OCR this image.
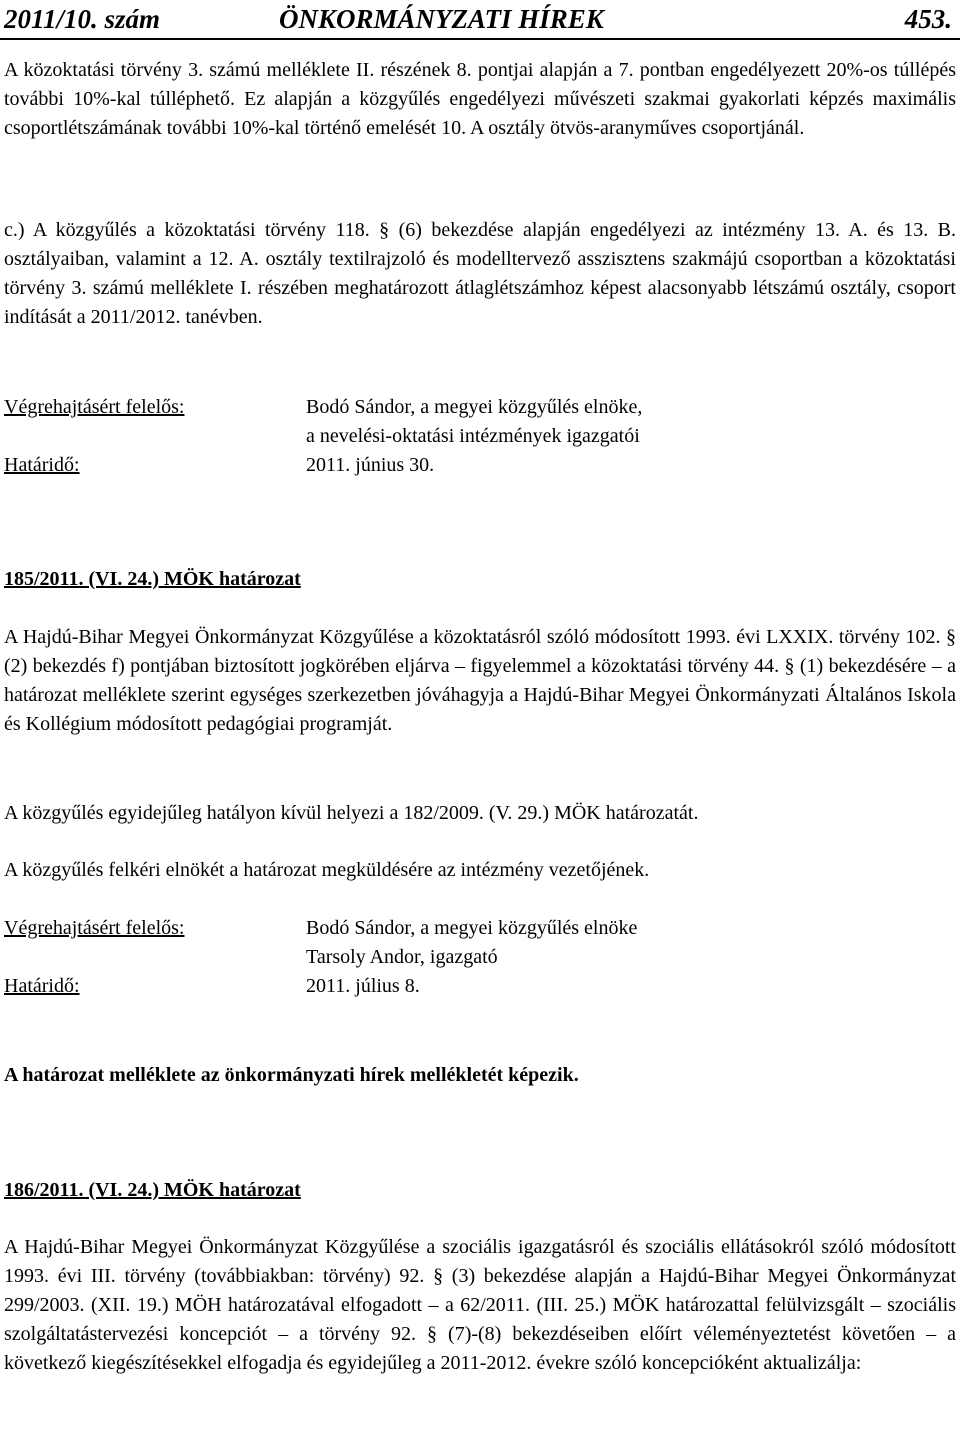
2011/10. szám	ÖNKORMÁNYZATI HÍREK	453.

A közoktatási törvény 3. számú melléklete II. részének 8. pontjai alapján a 7. pontban engedélyezett 20%-os túllépés további 10%-kal túlléphető. Ez alapján a közgyűlés engedélyezi művészeti szakmai gyakorlati képzés maximális csoportlétszámának további 10%-kal történő emelését 10. A osztály ötvös-aranyműves csoportjánál.

c.) A közgyűlés a közoktatási törvény 118. § (6) bekezdése alapján engedélyezi az intézmény 13. A. és 13. B. osztályaiban, valamint a 12. A. osztály textilrajzoló és modelltervező asszisztens szakmájú csoportban a közoktatási törvény 3. számú melléklete I. részében meghatározott átlaglétszámhoz képest alacsonyabb létszámú osztály, csoport indítását a 2011/2012. tanévben.

Végrehajtásért felelős:	Bodó Sándor, a megyei közgyűlés elnöke,
a nevelési-oktatási intézmények igazgatói
Határidő:	2011. június 30.
185/2011. (VI. 24.) MÖK határozat

A Hajdú-Bihar Megyei Önkormányzat Közgyűlése a közoktatásról szóló módosított 1993. évi LXXIX. törvény 102. § (2) bekezdés f) pontjában biztosított jogkörében eljárva – figyelemmel a közoktatási törvény 44. § (1) bekezdésére – a határozat melléklete szerint egységes szerkezetben jóváhagyja a Hajdú-Bihar Megyei Önkormányzati Általános Iskola és Kollégium módosított pedagógiai programját.

A közgyűlés egyidejűleg hatályon kívül helyezi a 182/2009. (V. 29.) MÖK határozatát.
A közgyűlés felkéri elnökét a határozat megküldésére az intézmény vezetőjének.
Végrehajtásért felelős:	Bodó Sándor, a megyei közgyűlés elnöke
Tarsoly Andor, igazgató
Határidő:	2011. július 8.
A határozat melléklete az önkormányzati hírek mellékletét képezik.
186/2011. (VI. 24.) MÖK határozat

A Hajdú-Bihar Megyei Önkormányzat Közgyűlése a szociális igazgatásról és szociális ellátásokról szóló módosított 1993. évi III. törvény (továbbiakban: törvény) 92. § (3) bekezdése alapján a Hajdú-Bihar Megyei Önkormányzat 299/2003. (XII. 19.) MÖH határozatával elfogadott – a 62/2011. (III. 25.) MÖK határozattal felülvizsgált – szociális szolgáltatástervezési koncepciót – a törvény 92. § (7)-(8) bekezdéseiben előírt véleményeztetést követően – a következő kiegészítésekkel elfogadja és egyidejűleg a 2011-2012. évekre szóló koncepcióként aktualizálja:
